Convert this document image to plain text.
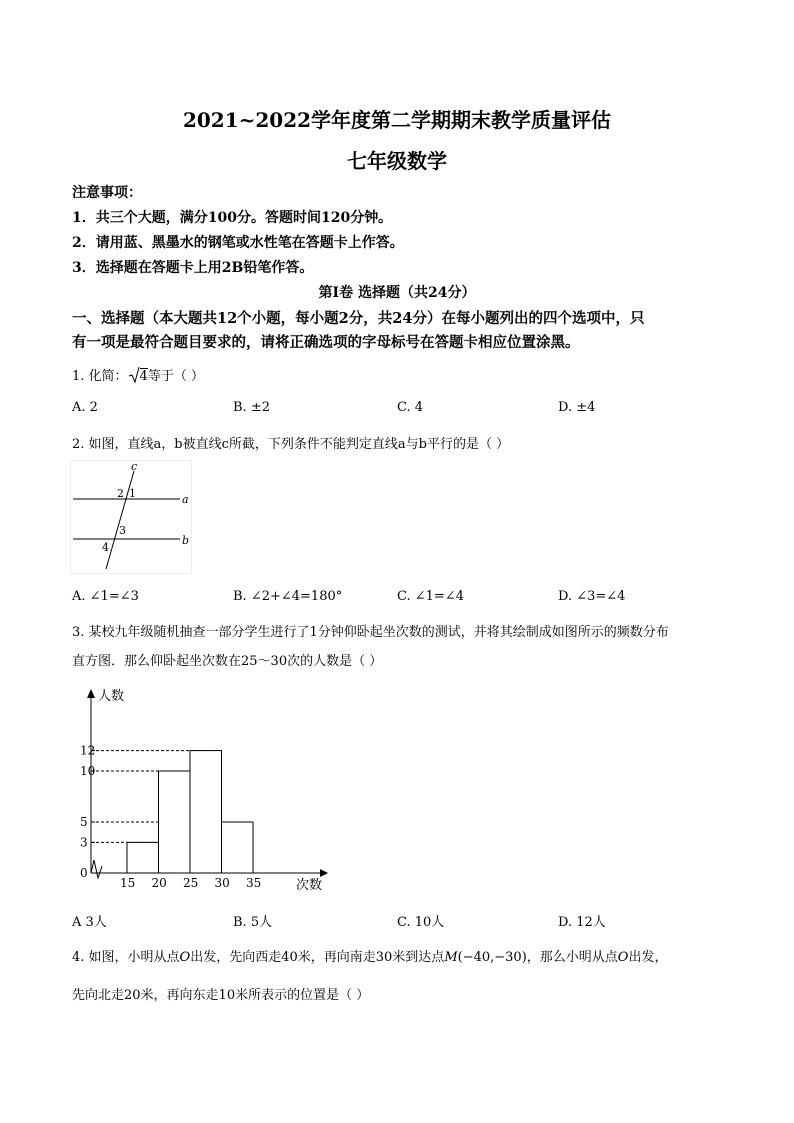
2021~2022学年度第二学期期末教学质量评估
七年级数学
注意事项：
1．共三个大题，满分100分。答题时间120分钟。
2．请用蓝、黑墨水的钢笔或水性笔在答题卡上作答。
3．选择题在答题卡上用2B铅笔作答。
第Ⅰ卷 选择题（共24分）
一、选择题（本大题共12个小题，每小题2分，共24分）在每小题列出的四个选项中，只
有一项是最符合题目要求的，请将正确选项的字母标号在答题卡相应位置涂黑。
1. 化简： 4等于（ ）
A. 2	B. ±2	C. 4	D. ±4
2. 如图，直线a，b被直线c所截，下列条件不能判定直线a与b平行的是（ ）
c
a
b
2 1
3
4
A. ∠1=∠3	B. ∠2+∠4=180°	C. ∠1=∠4	D. ∠3=∠4
3. 某校九年级随机抽查一部分学生进行了1分钟仰卧起坐次数的测试，并将其绘制成如图所示的频数分布
直方图．那么仰卧起坐次数在25～30次的人数是（ ）
人数
次数
0
3
5
10
12
15 20 25 30 35
A 3人	B. 5人	C. 10人	D. 12人
4. 如图，小明从点O出发，先向西走40米，再向南走30米到达点M(−40,−30)，那么小明从点O出发，
先向北走20米，再向东走10米所表示的位置是（ ）
